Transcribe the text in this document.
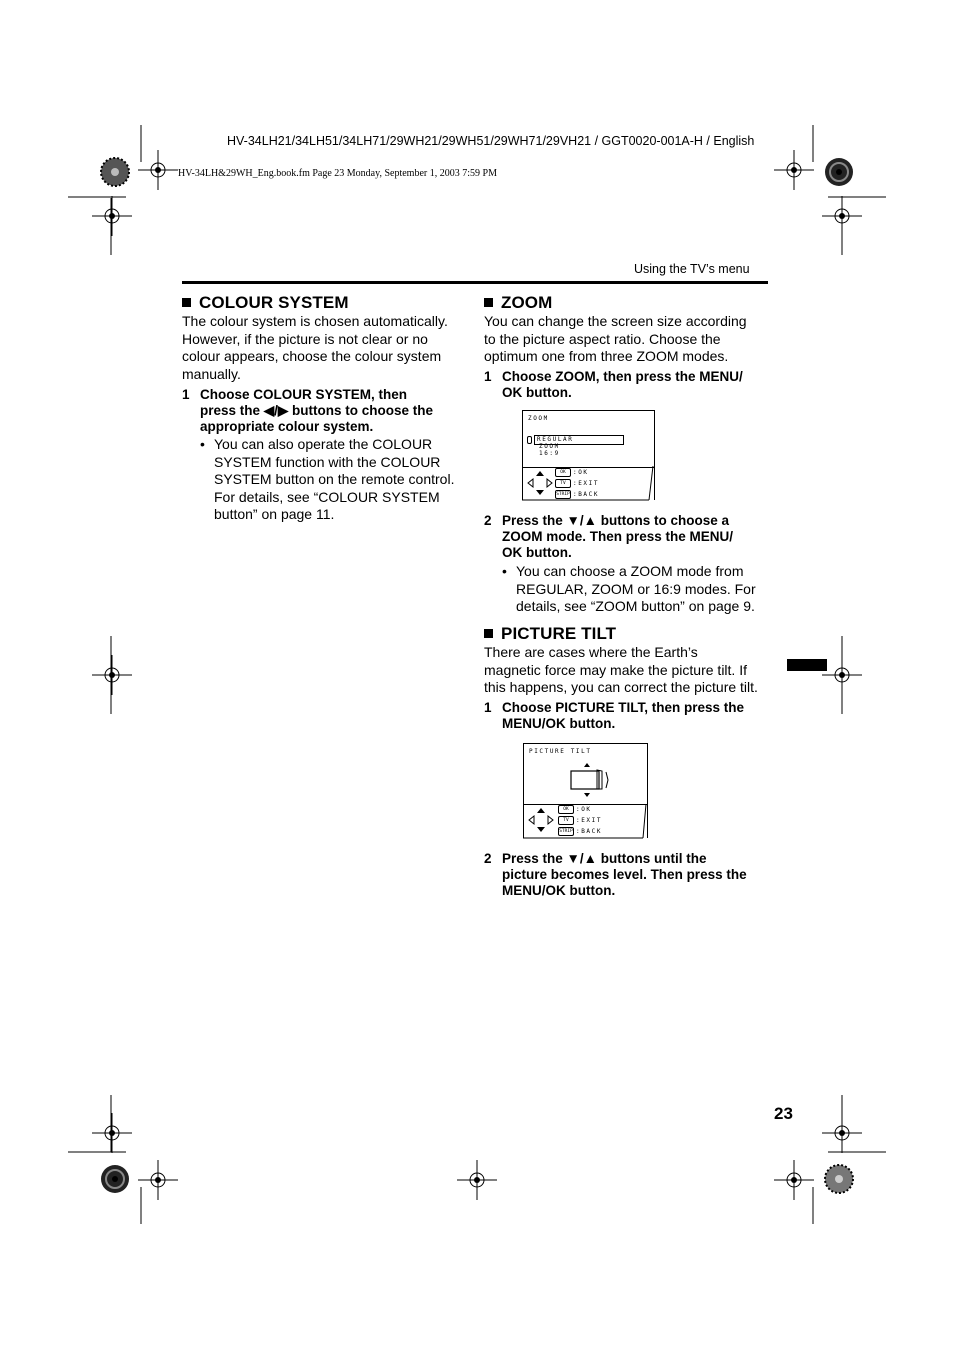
HV-34LH21/34LH51/34LH71/29WH21/29WH51/29WH71/29VH21 / GGT0020-001A-H / English
HV-34LH&29WH_Eng.book.fm Page 23 Monday, September 1, 2003 7:59 PM
Using the TV’s menu
COLOUR SYSTEM
The colour system is chosen automatically.
However, if the picture is not clear or no
colour appears, choose the colour system
manually.
1 Choose COLOUR SYSTEM, then
press the ◀/▶ buttons to choose the
appropriate colour system.
• You can also operate the COLOUR
SYSTEM function with the COLOUR
SYSTEM button on the remote control.
For details, see “COLOUR SYSTEM
button” on page 11.
ZOOM
You can change the screen size according
to the picture aspect ratio. Choose the
optimum one from three ZOOM modes.
1 Choose ZOOM, then press the MENU/
OK button.
ZOOM
REGULAR
ZOOM
16:9
OK	:OK
TV	:EXIT
STRIP :BACK
2 Press the ▼/▲ buttons to choose a
ZOOM mode. Then press the MENU/
OK button.
• You can choose a ZOOM mode from
REGULAR, ZOOM or 16:9 modes. For
details, see “ZOOM button” on page 9.
PICTURE TILT
There are cases where the Earth’s
magnetic force may make the picture tilt. If
this happens, you can correct the picture tilt.
1 Choose PICTURE TILT, then press the
MENU/OK button.
PICTURE TILT
OK	:OK
TV	:EXIT
STRIP :BACK
2 Press the ▼/▲ buttons until the
picture becomes level. Then press the
MENU/OK button.
23
